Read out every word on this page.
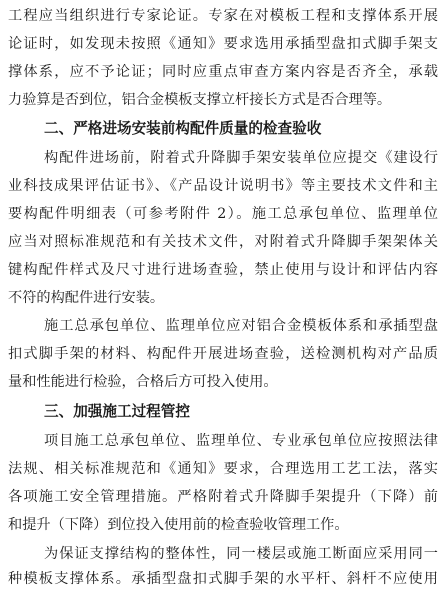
工程应当组织进行专家论证。专家在对模板工程和支撑体系开展
论证时，如发现未按照《通知》要求选用承插型盘扣式脚手架支
撑体系，应不予论证；同时应重点审查方案内容是否齐全，承载
力验算是否到位，铝合金模板支撑立杆接长方式是否合理等。
二、严格进场安装前构配件质量的检查验收
构配件进场前，附着式升降脚手架安装单位应提交《建设行
业科技成果评估证书》、《产品设计说明书》等主要技术文件和主
要构配件明细表（可参考附件 2）。施工总承包单位、监理单位
应当对照标准规范和有关技术文件，对附着式升降脚手架架体关
键构配件样式及尺寸进行进场查验，禁止使用与设计和评估内容
不符的构配件进行安装。
施工总承包单位、监理单位应对铝合金模板体系和承插型盘
扣式脚手架的材料、构配件开展进场查验，送检测机构对产品质
量和性能进行检验，合格后方可投入使用。
三、加强施工过程管控
项目施工总承包单位、监理单位、专业承包单位应按照法律
法规、相关标准规范和《通知》要求，合理选用工艺工法，落实
各项施工安全管理措施。严格附着式升降脚手架提升（下降）前
和提升（下降）到位投入使用前的检查验收管理工作。
为保证支撑结构的整体性，同一楼层或施工断面应采用同一
种模板支撑体系。承插型盘扣式脚手架的水平杆、斜杆不应使用
